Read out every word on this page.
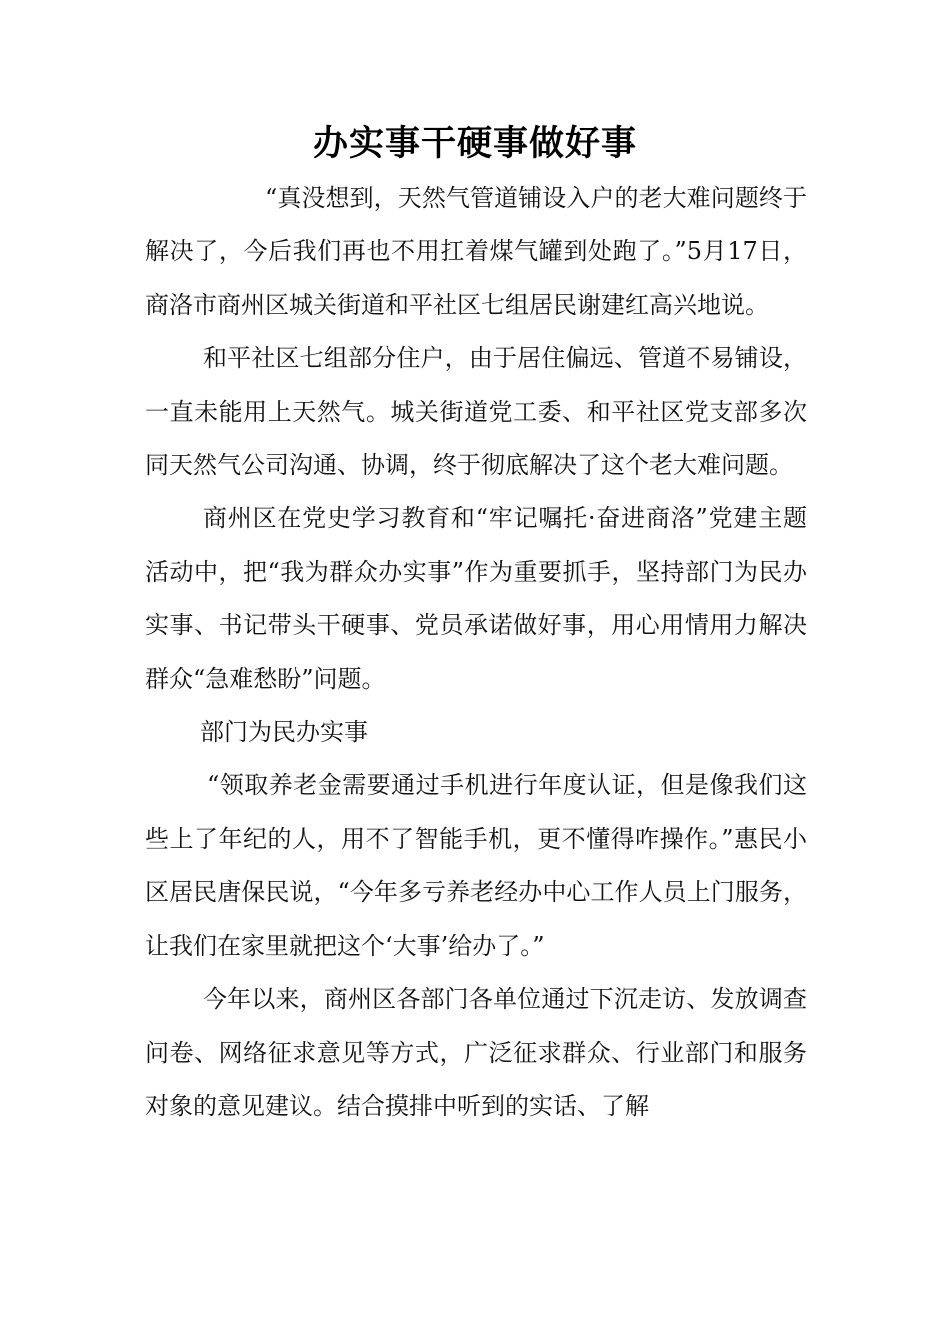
办实事干硬事做好事

“真没想到，天然气管道铺设入户的老大难问题终于解决了，今后我们再也不用扛着煤气罐到处跑了。”5月17日，商洛市商州区城关街道和平社区七组居民谢建红高兴地说。

和平社区七组部分住户，由于居住偏远、管道不易铺设，一直未能用上天然气。城关街道党工委、和平社区党支部多次同天然气公司沟通、协调，终于彻底解决了这个老大难问题。

商州区在党史学习教育和“牢记嘱托·奋进商洛”党建主题活动中，把“我为群众办实事”作为重要抓手，坚持部门为民办实事、书记带头干硬事、党员承诺做好事，用心用情用力解决群众“急难愁盼”问题。

部门为民办实事

“领取养老金需要通过手机进行年度认证，但是像我们这些上了年纪的人，用不了智能手机，更不懂得咋操作。”惠民小区居民唐保民说，“今年多亏养老经办中心工作人员上门服务，让我们在家里就把这个‘大事’给办了。”

今年以来，商州区各部门各单位通过下沉走访、发放调查问卷、网络征求意见等方式，广泛征求群众、行业部门和服务对象的意见建议。结合摸排中听到的实话、了解
